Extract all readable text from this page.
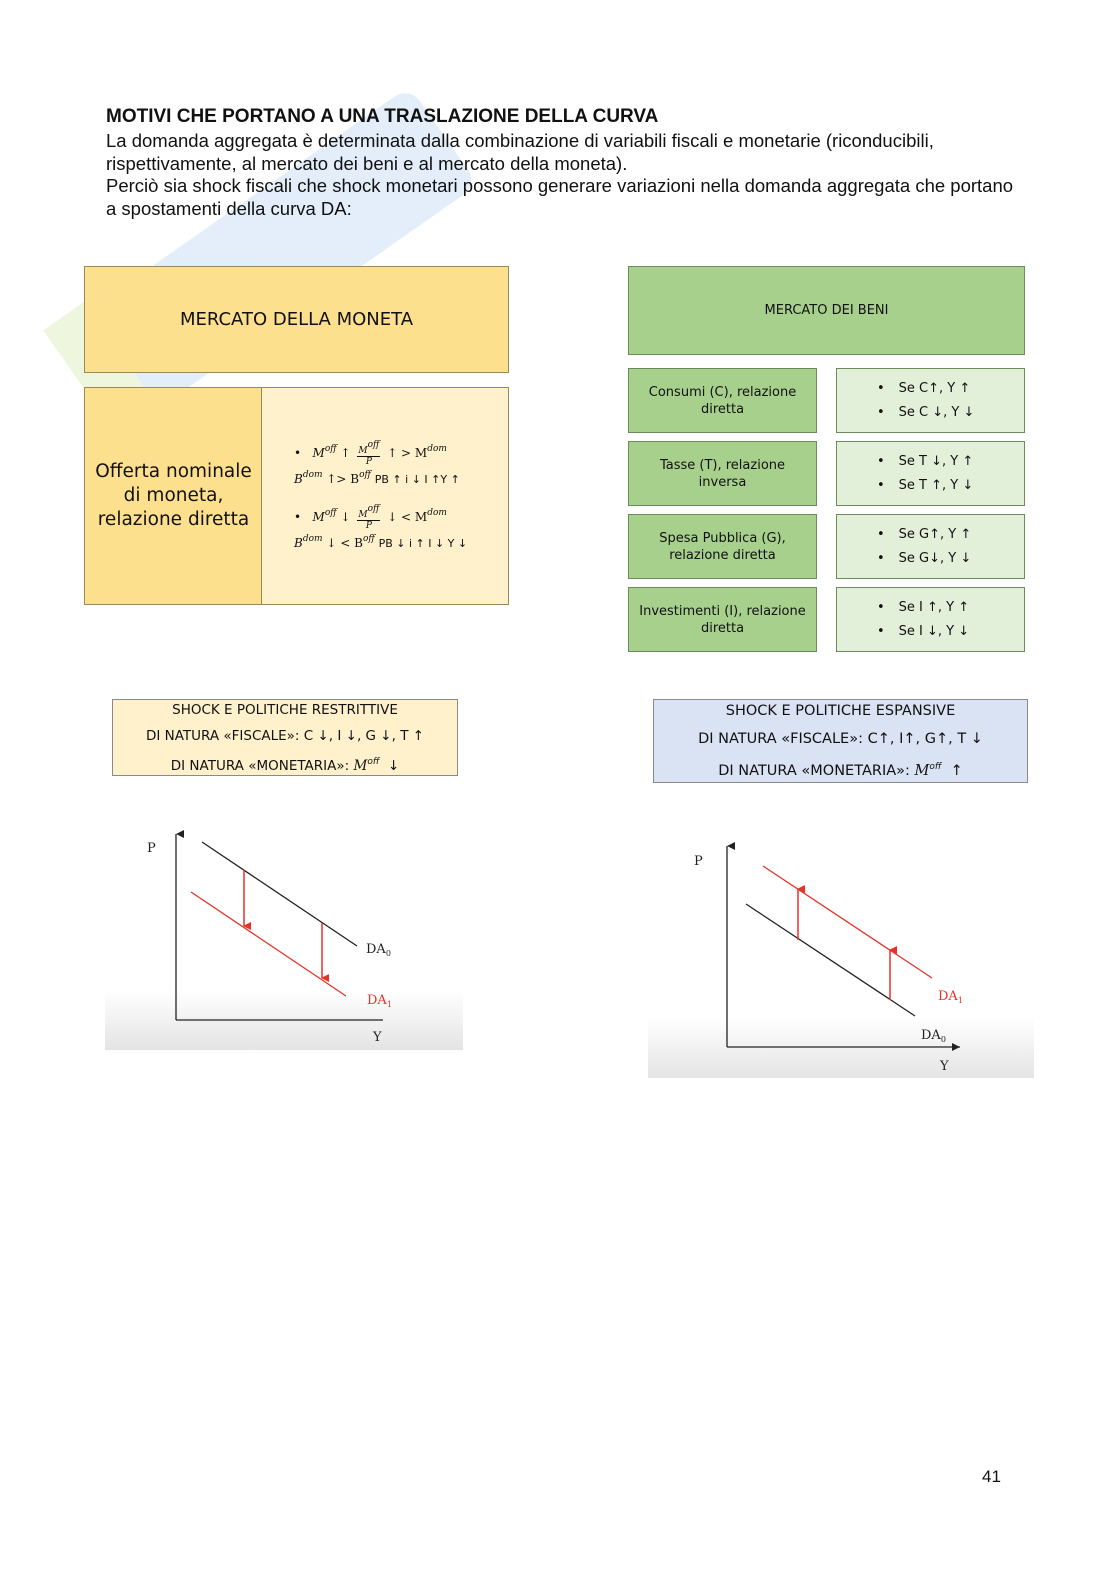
MOTIVI CHE PORTANO A UNA TRASLAZIONE DELLA CURVA

La domanda aggregata è determinata dalla combinazione di variabili fiscali e monetarie (riconducibili, rispettivamente, al mercato dei beni e al mercato della moneta).

Perciò sia shock fiscali che shock monetari possono generare variazioni nella domanda aggregata che portano a spostamenti della curva DA:

MERCATO DELLA MONETA
Offerta nominale di moneta, relazione diretta
• $M^{off}$ ↑ $\frac{\text{Moff}}{P}$ ↑ > $M^{dom}$
$B^{dom}$ ↑> $B^{off}$ PB ↑ i ↓ I ↑Y ↑
• $M^{off}$ ↓ $\frac{\text{Moff}}{P}$ ↓ < $M^{dom}$
$B^{dom}$ ↓ < $B^{off}$ PB ↓ i ↑ I ↓ Y ↓
MERCATO DEI BENI
Consumi (C), relazione diretta
• Se C↑, Y ↑
• Se C ↓, Y ↓
Tasse (T), relazione inversa
• Se T ↓, Y ↑
• Se T ↑, Y ↓
Spesa Pubblica (G), relazione diretta
• Se G↑, Y ↑
• Se G↓, Y ↓
Investimenti (I), relazione diretta
• Se I ↑, Y ↑
• Se I ↓, Y ↓
SHOCK E POLITICHE RESTRITTIVE
DI NATURA «FISCALE»: C ↓, I ↓, G ↓, T ↑
DI NATURA «MONETARIA»: $M^{off}$ ↓
SHOCK E POLITICHE ESPANSIVE
DI NATURA «FISCALE»: C↑, I↑, G↑, T ↓
DI NATURA «MONETARIA»: $M^{off}$ ↑
P
Y
$DA_0$
$DA_1$
P
Y
$DA_1$
$DA_0$
41
